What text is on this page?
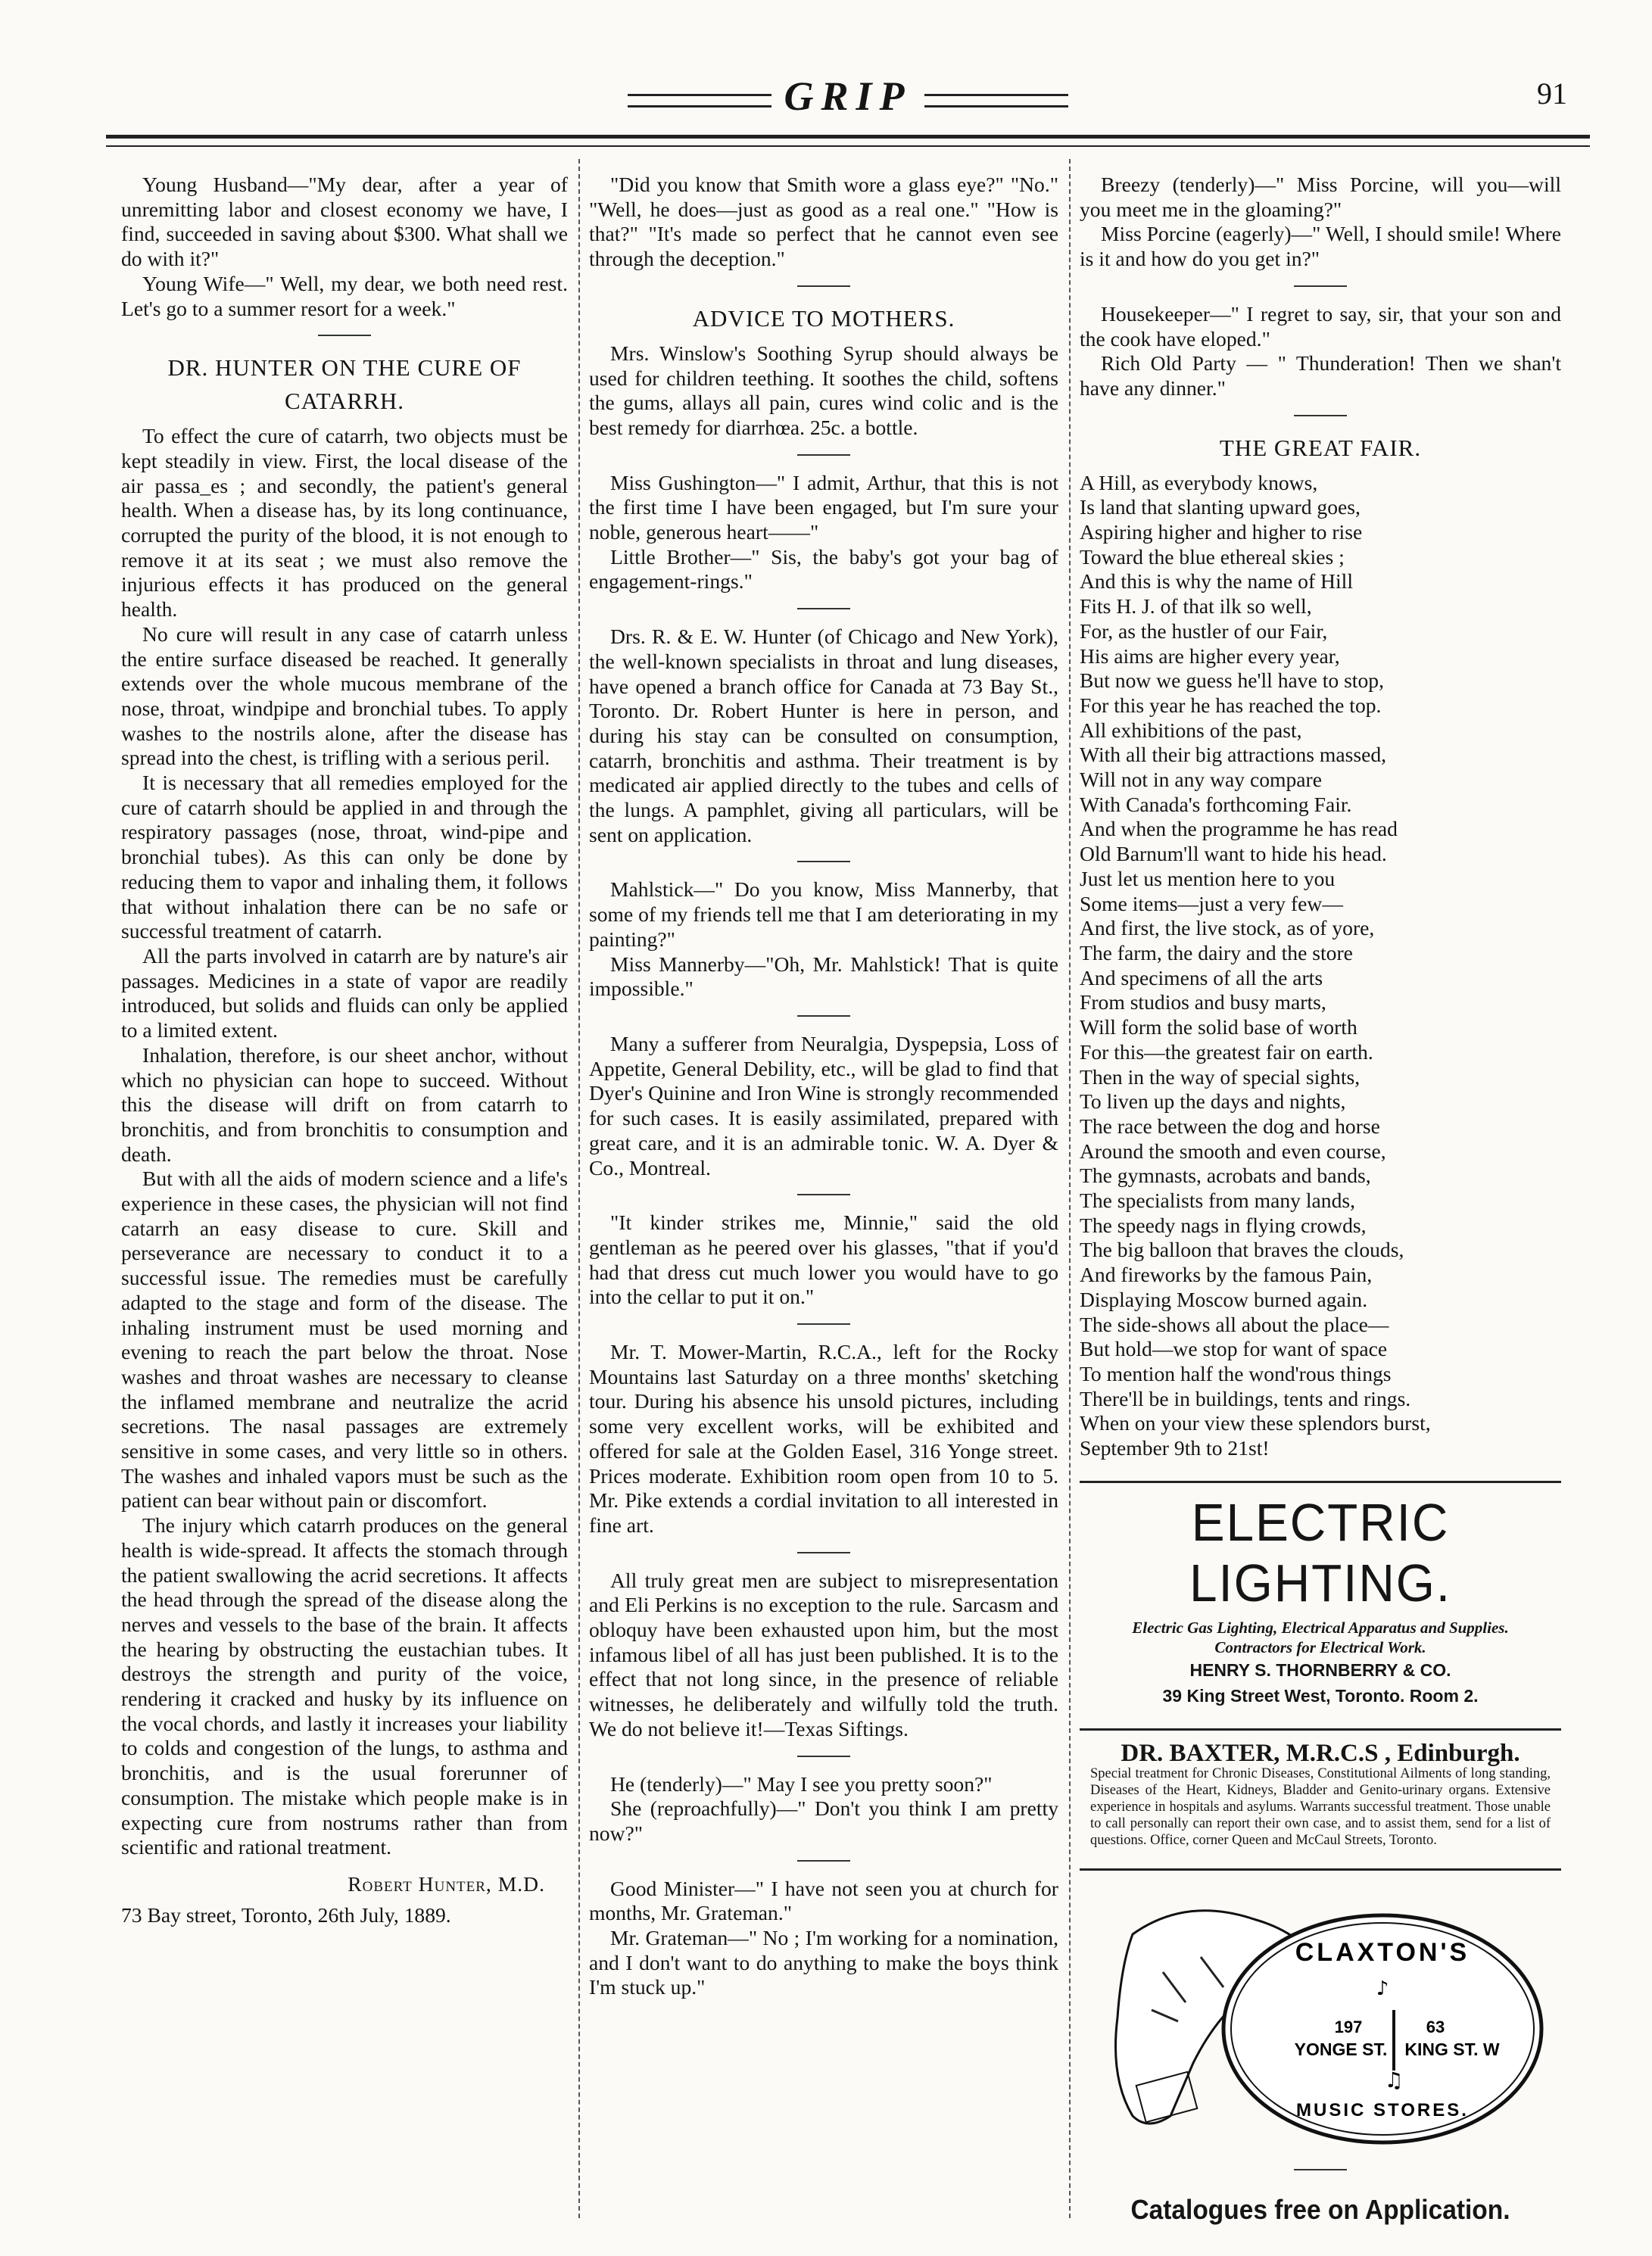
GRIP	91

Young Husband—"My dear, after a year of unremitting labor and closest economy we have, I find, succeeded in saving about $300. What shall we do with it?"

Young Wife—" Well, my dear, we both need rest. Let's go to a summer resort for a week."

DR. HUNTER ON THE CURE OF
CATARRH.

To effect the cure of catarrh, two objects must be kept steadily in view. First, the local disease of the air passa_es ; and secondly, the patient's general health. When a disease has, by its long continuance, corrupted the purity of the blood, it is not enough to remove it at its seat ; we must also remove the injurious effects it has produced on the general health.

No cure will result in any case of catarrh unless the entire surface diseased be reached. It generally extends over the whole mucous membrane of the nose, throat, windpipe and bronchial tubes. To apply washes to the nostrils alone, after the disease has spread into the chest, is trifling with a serious peril.

It is necessary that all remedies employed for the cure of catarrh should be applied in and through the respiratory passages (nose, throat, wind-pipe and bronchial tubes). As this can only be done by reducing them to vapor and inhaling them, it follows that without inhalation there can be no safe or successful treatment of catarrh.

All the parts involved in catarrh are by nature's air passages. Medicines in a state of vapor are readily introduced, but solids and fluids can only be applied to a limited extent.

Inhalation, therefore, is our sheet anchor, without which no physician can hope to succeed. Without this the disease will drift on from catarrh to bronchitis, and from bronchitis to consumption and death.

But with all the aids of modern science and a life's experience in these cases, the physician will not find catarrh an easy disease to cure. Skill and perseverance are necessary to conduct it to a successful issue. The remedies must be carefully adapted to the stage and form of the disease. The inhaling instrument must be used morning and evening to reach the part below the throat. Nose washes and throat washes are necessary to cleanse the inflamed membrane and neutralize the acrid secretions. The nasal passages are extremely sensitive in some cases, and very little so in others. The washes and inhaled vapors must be such as the patient can bear without pain or discomfort.

The injury which catarrh produces on the general health is wide-spread. It affects the stomach through the patient swallowing the acrid secretions. It affects the head through the spread of the disease along the nerves and vessels to the base of the brain. It affects the hearing by obstructing the eustachian tubes. It destroys the strength and purity of the voice, rendering it cracked and husky by its influence on the vocal chords, and lastly it increases your liability to colds and congestion of the lungs, to asthma and bronchitis, and is the usual forerunner of consumption. The mistake which people make is in expecting cure from nostrums rather than from scientific and rational treatment.

Robert Hunter, M.D.
73 Bay street, Toronto, 26th July, 1889.

"Did you know that Smith wore a glass eye?" "No." "Well, he does—just as good as a real one." "How is that?" "It's made so perfect that he cannot even see through the deception."

ADVICE TO MOTHERS.

Mrs. Winslow's Soothing Syrup should always be used for children teething. It soothes the child, softens the gums, allays all pain, cures wind colic and is the best remedy for diarrhœa. 25c. a bottle.

Miss Gushington—" I admit, Arthur, that this is not the first time I have been engaged, but I'm sure your noble, generous heart——"

Little Brother—" Sis, the baby's got your bag of engagement-rings."

Drs. R. & E. W. Hunter (of Chicago and New York), the well-known specialists in throat and lung diseases, have opened a branch office for Canada at 73 Bay St., Toronto. Dr. Robert Hunter is here in person, and during his stay can be consulted on consumption, catarrh, bronchitis and asthma. Their treatment is by medicated air applied directly to the tubes and cells of the lungs. A pamphlet, giving all particulars, will be sent on application.

Mahlstick—" Do you know, Miss Mannerby, that some of my friends tell me that I am deteriorating in my painting?"

Miss Mannerby—"Oh, Mr. Mahlstick! That is quite impossible."

Many a sufferer from Neuralgia, Dyspepsia, Loss of Appetite, General Debility, etc., will be glad to find that Dyer's Quinine and Iron Wine is strongly recommended for such cases. It is easily assimilated, prepared with great care, and it is an admirable tonic. W. A. Dyer & Co., Montreal.

"It kinder strikes me, Minnie," said the old gentleman as he peered over his glasses, "that if you'd had that dress cut much lower you would have to go into the cellar to put it on."

Mr. T. Mower-Martin, R.C.A., left for the Rocky Mountains last Saturday on a three months' sketching tour. During his absence his unsold pictures, including some very excellent works, will be exhibited and offered for sale at the Golden Easel, 316 Yonge street. Prices moderate. Exhibition room open from 10 to 5. Mr. Pike extends a cordial invitation to all interested in fine art.

All truly great men are subject to misrepresentation and Eli Perkins is no exception to the rule. Sarcasm and obloquy have been exhausted upon him, but the most infamous libel of all has just been published. It is to the effect that not long since, in the presence of reliable witnesses, he deliberately and wilfully told the truth. We do not believe it!—Texas Siftings.

He (tenderly)—" May I see you pretty soon?"

She (reproachfully)—" Don't you think I am pretty now?"

Good Minister—" I have not seen you at church for months, Mr. Grateman."

Mr. Grateman—" No ; I'm working for a nomination, and I don't want to do anything to make the boys think I'm stuck up."

Breezy (tenderly)—" Miss Porcine, will you—will you meet me in the gloaming?"

Miss Porcine (eagerly)—" Well, I should smile! Where is it and how do you get in?"

Housekeeper—" I regret to say, sir, that your son and the cook have eloped."

Rich Old Party — " Thunderation! Then we shan't have any dinner."

THE GREAT FAIR.
A Hill, as everybody knows,
Is land that slanting upward goes,
Aspiring higher and higher to rise
Toward the blue ethereal skies ;
And this is why the name of Hill
Fits H. J. of that ilk so well,
For, as the hustler of our Fair,
His aims are higher every year,
But now we guess he'll have to stop,
For this year he has reached the top.
All exhibitions of the past,
With all their big attractions massed,
Will not in any way compare
With Canada's forthcoming Fair.
And when the programme he has read
Old Barnum'll want to hide his head.
Just let us mention here to you
Some items—just a very few—
And first, the live stock, as of yore,
The farm, the dairy and the store
And specimens of all the arts
From studios and busy marts,
Will form the solid base of worth
For this—the greatest fair on earth.
Then in the way of special sights,
To liven up the days and nights,
The race between the dog and horse
Around the smooth and even course,
The gymnasts, acrobats and bands,
The specialists from many lands,
The speedy nags in flying crowds,
The big balloon that braves the clouds,
And fireworks by the famous Pain,
Displaying Moscow burned again.
The side-shows all about the place—
But hold—we stop for want of space
To mention half the wond'rous things
There'll be in buildings, tents and rings.
When on your view these splendors burst,
September 9th to 21st!
ELECTRIC LIGHTING.
Electric Gas Lighting, Electrical Apparatus and Supplies. Contractors for Electrical Work.
HENRY S. THORNBERRY & CO.
39 King Street West, Toronto. Room 2.
DR. BAXTER, M.R.C.S , Edinburgh.
Special treatment for Chronic Diseases, Constitutional Ailments of long standing, Diseases of the Heart, Kidneys, Bladder and Genito-urinary organs. Extensive experience in hospitals and asylums. Warrants successful treatment. Those unable to call personally can report their own case, and to assist them, send for a list of questions. Office, corner Queen and McCaul Streets, Toronto.
CLAXTON'S
♪
197
YONGE ST.
63
KING ST. W
♫
MUSIC STORES.
Catalogues free on Application.
